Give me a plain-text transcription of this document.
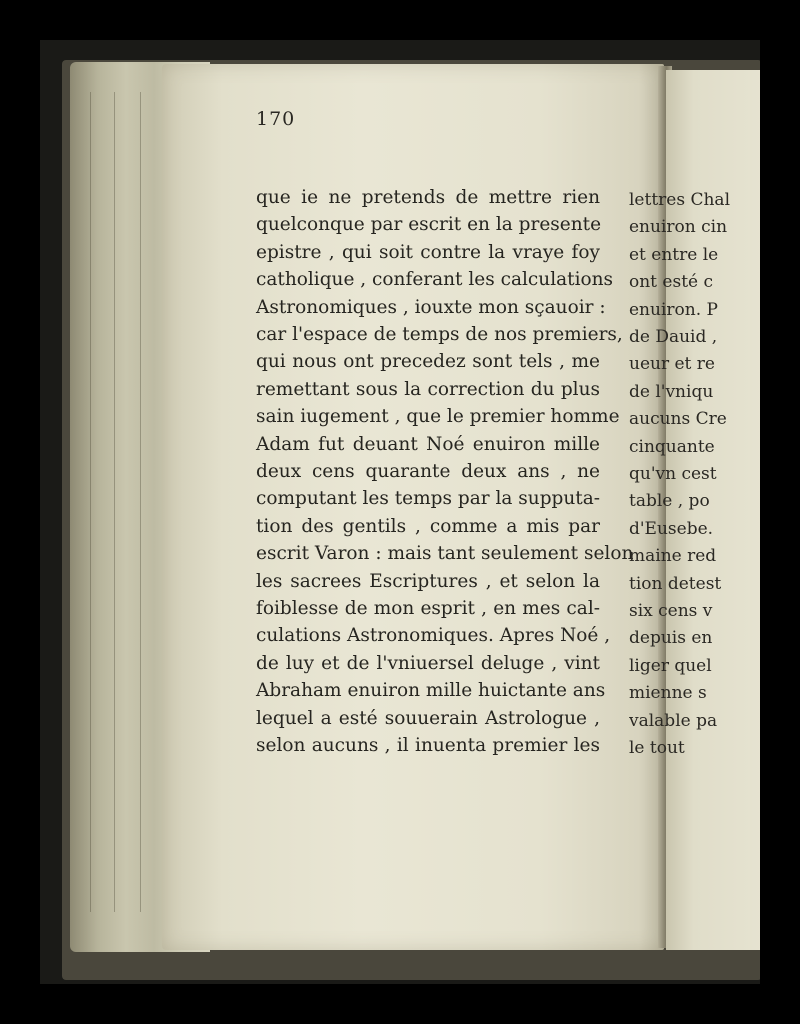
170
que ie ne pretends de mettre rien
quelconque par escrit en la presente
epistre , qui soit contre la vraye foy
catholique , conferant les calculations
Astronomiques , iouxte mon sçauoir :
car l'espace de temps de nos premiers,
qui nous ont precedez sont tels , me
remettant sous la correction du plus
sain iugement , que le premier homme
Adam fut deuant Noé enuiron mille
deux cens quarante deux ans , ne
computant les temps par la supputa-
tion des gentils , comme a mis par
escrit Varon : mais tant seulement selon
les sacrees Escriptures , et selon la
foiblesse de mon esprit , en mes cal-
culations Astronomiques. Apres Noé ,
de luy et de l'vniuersel deluge , vint
Abraham enuiron mille huictante ans
lequel a esté souuerain Astrologue ,
selon aucuns , il inuenta premier les
lettres Chal
enuiron cin
et entre le
ont esté c
enuiron. P
de Dauid ,
ueur et re
de l'vniqu
aucuns Cre
cinquante
qu'vn cest
table , po
d'Eusebe.
maine red
tion detest
six cens v
depuis en
liger quel
mienne s
valable pa
le tout
